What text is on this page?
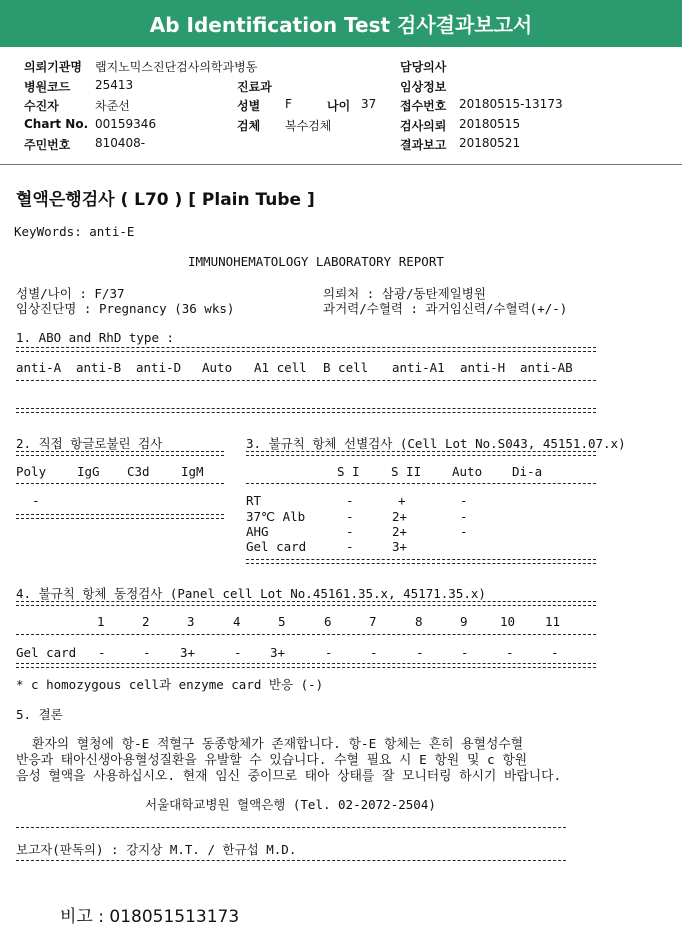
Ab Identification Test 검사결과보고서
의뢰기관명 랩지노믹스진단검사의학과병동	담당의사
병원코드 25413	진료과	임상정보
수진자	차준선	성별 F	나이 37 접수번호 20180515-13173
Chart No. 00159346	검체 복수검체	검사의뢰 20180515
주민번호 810408-	결과보고 20180521
혈액은행검사 ( L70 ) [ Plain Tube ]
KeyWords: anti-E
IMMUNOHEMATOLOGY LABORATORY REPORT
성별/나이 : F/37
임상진단명 : Pregnancy (36 wks)
의뢰처 : 삼광/동탄제일병원
과거력/수혈력 : 과거임신력/수혈력(+/-)
1. ABO and RhD type :
anti-A anti-B anti-D Auto A1 cell B cell anti-A1 anti-H anti-AB
2. 직접 항글로불린 검사
Poly IgG C3d	IgM
-
3. 불규칙 항체 선별검사 (Cell Lot No.S043, 45151.07.x)
S I	S II Auto Di-a
RT	-	+	-
37℃ Alb	-	2+	-
AHG	-	2+	-
Gel card	-	3+
4. 불규칙 항체 동정검사 (Panel cell Lot No.45161.35.x, 45171.35.x)
1	2	3	4	5	6	7	8	9	10 11
Gel card -	- 3+	- 3+	-	-	-	-	-	-
* c homozygous cell과 enzyme card 반응 (-)
5. 결론
환자의 혈청에 항-E 적혈구 동종항체가 존재합니다. 항-E 항체는 흔히 용혈성수혈
반응과 태아신생아용혈성질환을 유발할 수 있습니다. 수혈 필요 시 E 항원 및 c 항원
음성 혈액을 사용하십시오. 현재 임신 중이므로 태아 상태를 잘 모니터링 하시기 바랍니다.
서울대학교병원 혈액은행 (Tel. 02-2072-2504)
보고자(판독의) : 강지상 M.T. / 한규섭 M.D.
비고 : 018051513173
